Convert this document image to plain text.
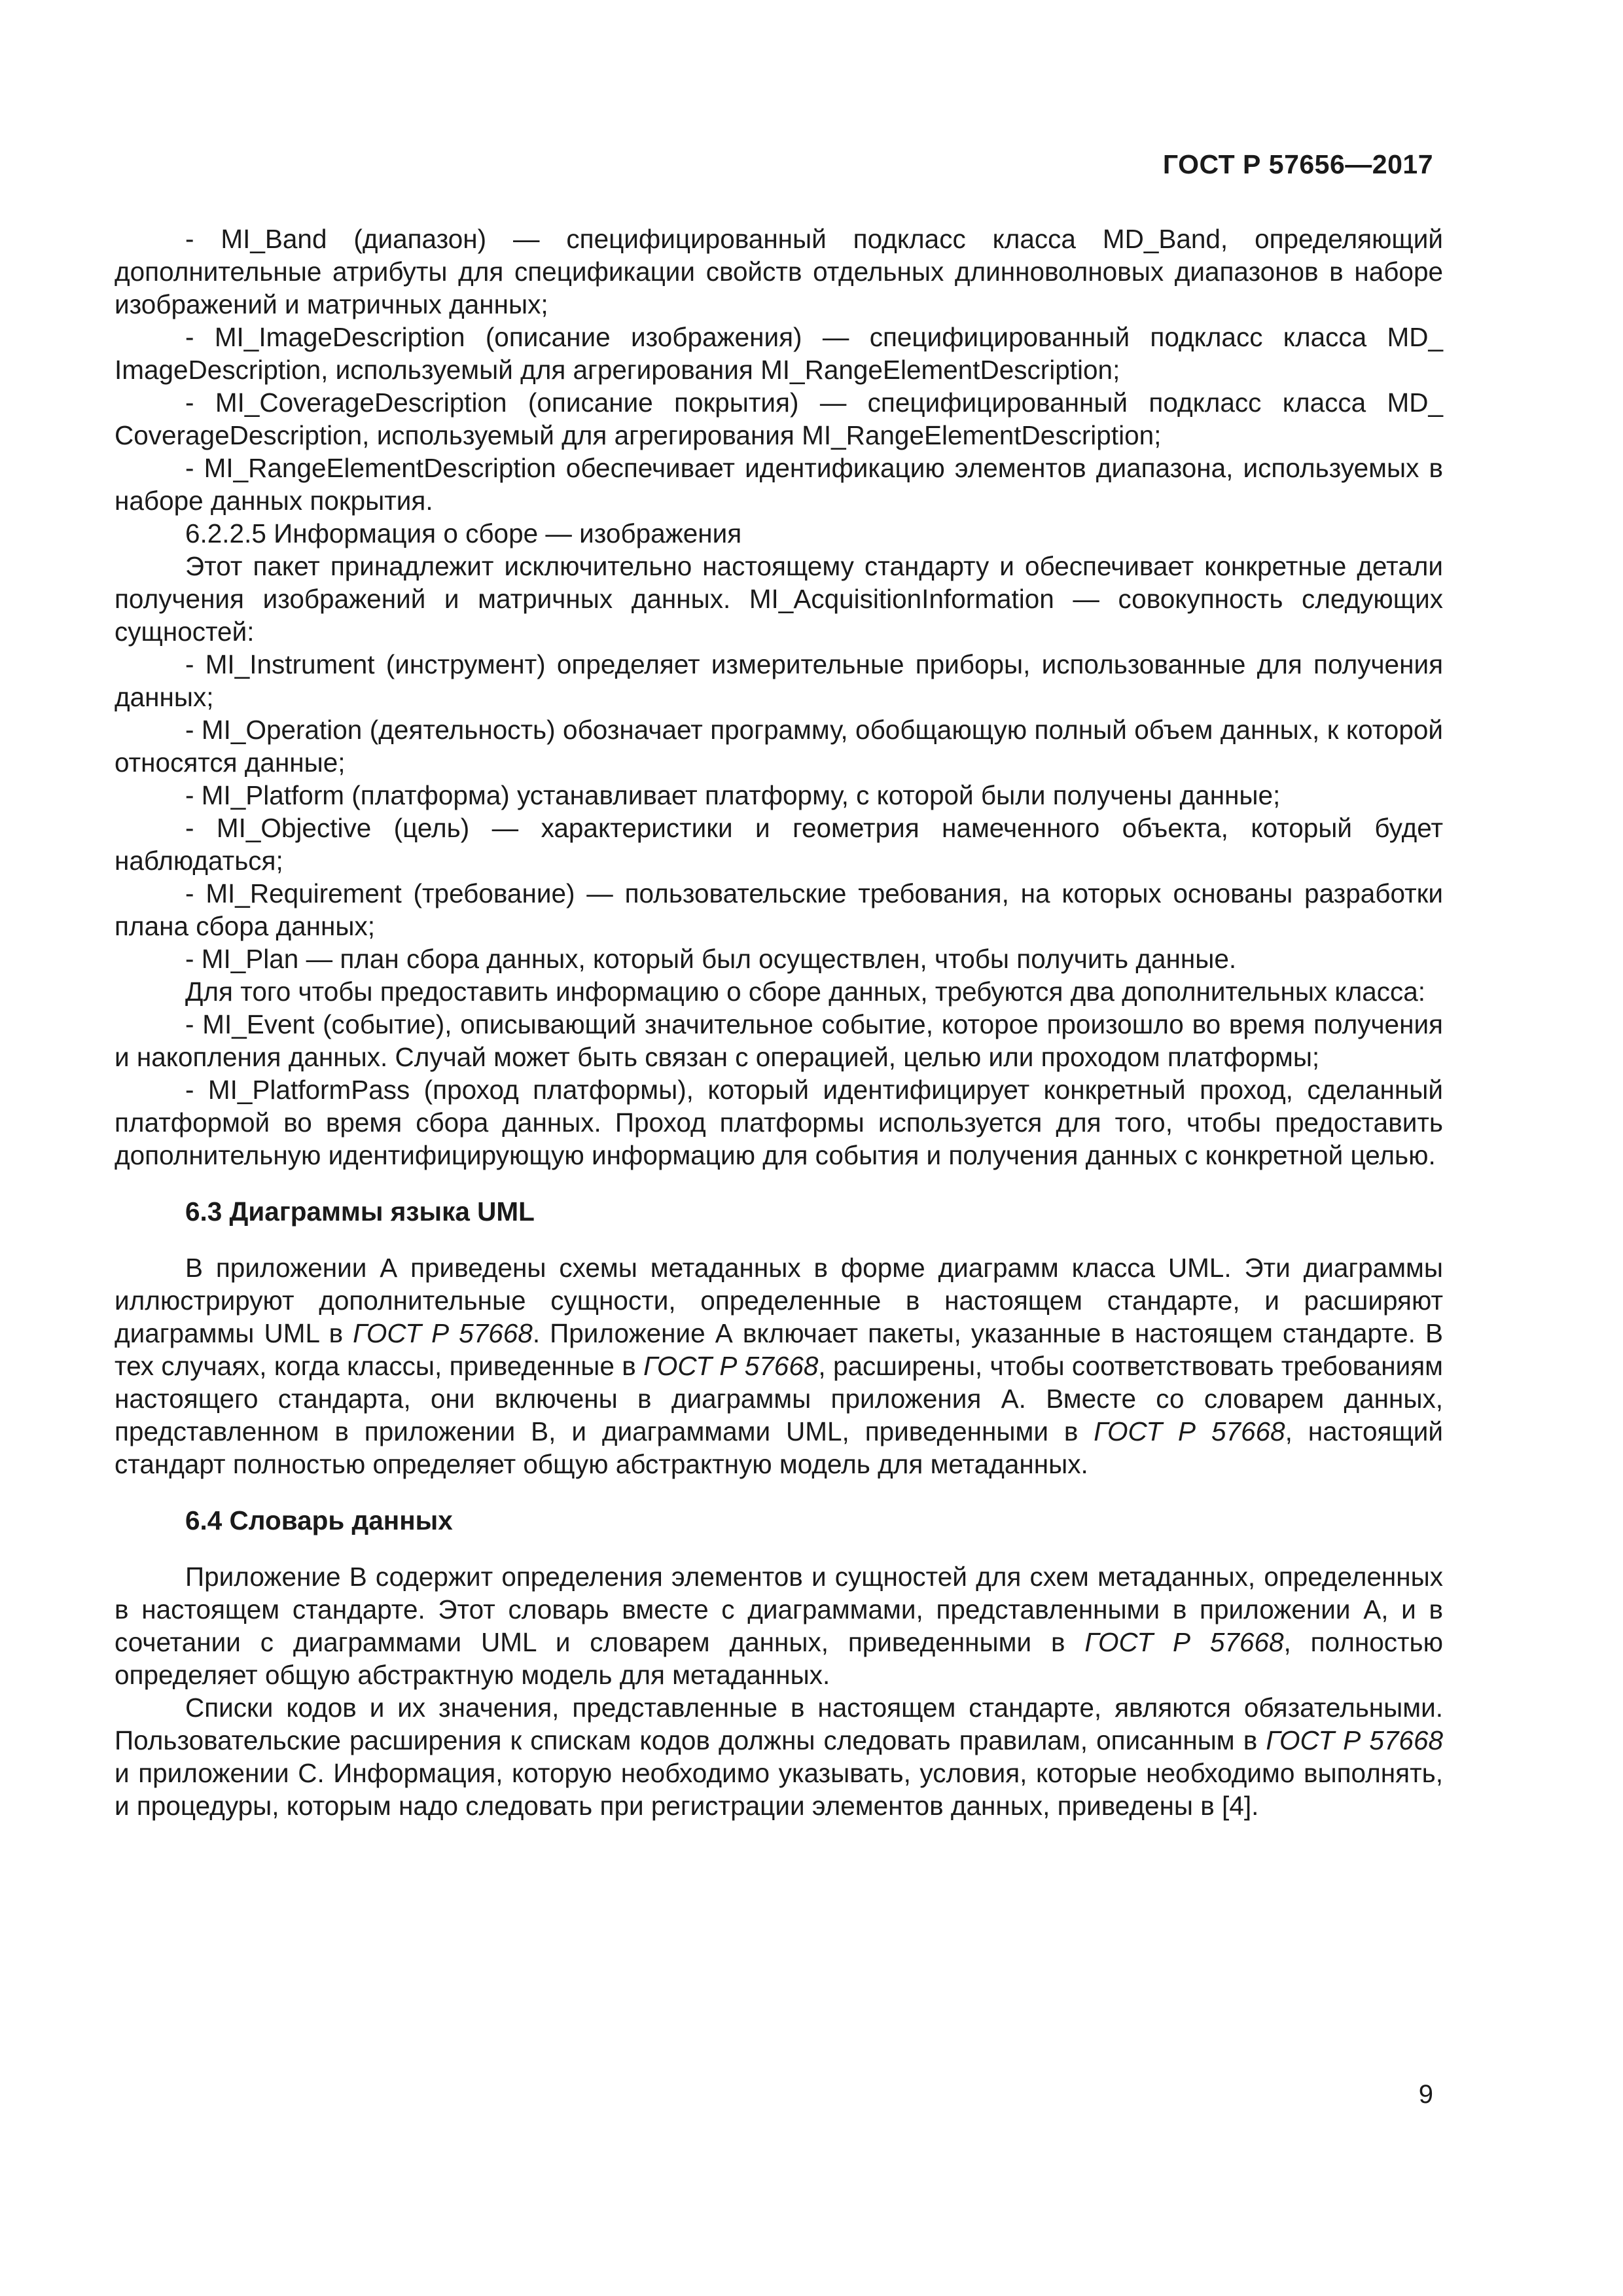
ГОСТ Р 57656—2017

- MI_Band (диапазон) — специфицированный подкласс класса MD_Band, определяющий дополнительные атрибуты для спецификации свойств отдельных длинноволновых диапазонов в наборе изображений и матричных данных;

- MI_ImageDescription (описание изображения) — специфицированный подкласс класса MD_ ImageDescription, используемый для агрегирования MI_RangeElementDescription;

- MI_CoverageDescription (описание покрытия) — специфицированный подкласс класса MD_ CoverageDescription, используемый для агрегирования MI_RangeElementDescription;

- MI_RangeElementDescription обеспечивает идентификацию элементов диапазона, используемых в наборе данных покрытия.

6.2.2.5 Информация о сборе — изображения

Этот пакет принадлежит исключительно настоящему стандарту и обеспечивает конкретные детали получения изображений и матричных данных. MI_AcquisitionInformation — совокупность следующих сущностей:

- MI_Instrument (инструмент) определяет измерительные приборы, использованные для получения данных;

- MI_Operation (деятельность) обозначает программу, обобщающую полный объем данных, к которой относятся данные;

- MI_Platform (платформа) устанавливает платформу, с которой были получены данные;

- MI_Objective (цель) — характеристики и геометрия намеченного объекта, который будет наблюдаться;

- MI_Requirement (требование) — пользовательские требования, на которых основаны разработки плана сбора данных;

- MI_Plan — план сбора данных, который был осуществлен, чтобы получить данные.

Для того чтобы предоставить информацию о сборе данных, требуются два дополнительных класса:

- MI_Event (событие), описывающий значительное событие, которое произошло во время получения и накопления данных. Случай может быть связан с операцией, целью или проходом платформы;

- MI_PlatformPass (проход платформы), который идентифицирует конкретный проход, сделанный платформой во время сбора данных. Проход платформы используется для того, чтобы предоставить дополнительную идентифицирующую информацию для события и получения данных с конкретной целью.

6.3 Диаграммы языка UML

В приложении А приведены схемы метаданных в форме диаграмм класса UML. Эти диаграммы иллюстрируют дополнительные сущности, определенные в настоящем стандарте, и расширяют диаграммы UML в ГОСТ Р 57668. Приложение А включает пакеты, указанные в настоящем стандарте. В тех случаях, когда классы, приведенные в ГОСТ Р 57668, расширены, чтобы соответствовать требованиям настоящего стандарта, они включены в диаграммы приложения А. Вместе со словарем данных, представленном в приложении В, и диаграммами UML, приведенными в ГОСТ Р 57668, настоящий стандарт полностью определяет общую абстрактную модель для метаданных.

6.4 Словарь данных

Приложение В содержит определения элементов и сущностей для схем метаданных, определенных в настоящем стандарте. Этот словарь вместе с диаграммами, представленными в приложении А, и в сочетании с диаграммами UML и словарем данных, приведенными в ГОСТ Р 57668, полностью определяет общую абстрактную модель для метаданных.

Списки кодов и их значения, представленные в настоящем стандарте, являются обязательными. Пользовательские расширения к спискам кодов должны следовать правилам, описанным в ГОСТ Р 57668 и приложении С. Информация, которую необходимо указывать, условия, которые необходимо выполнять, и процедуры, которым надо следовать при регистрации элементов данных, приведены в [4].

9
